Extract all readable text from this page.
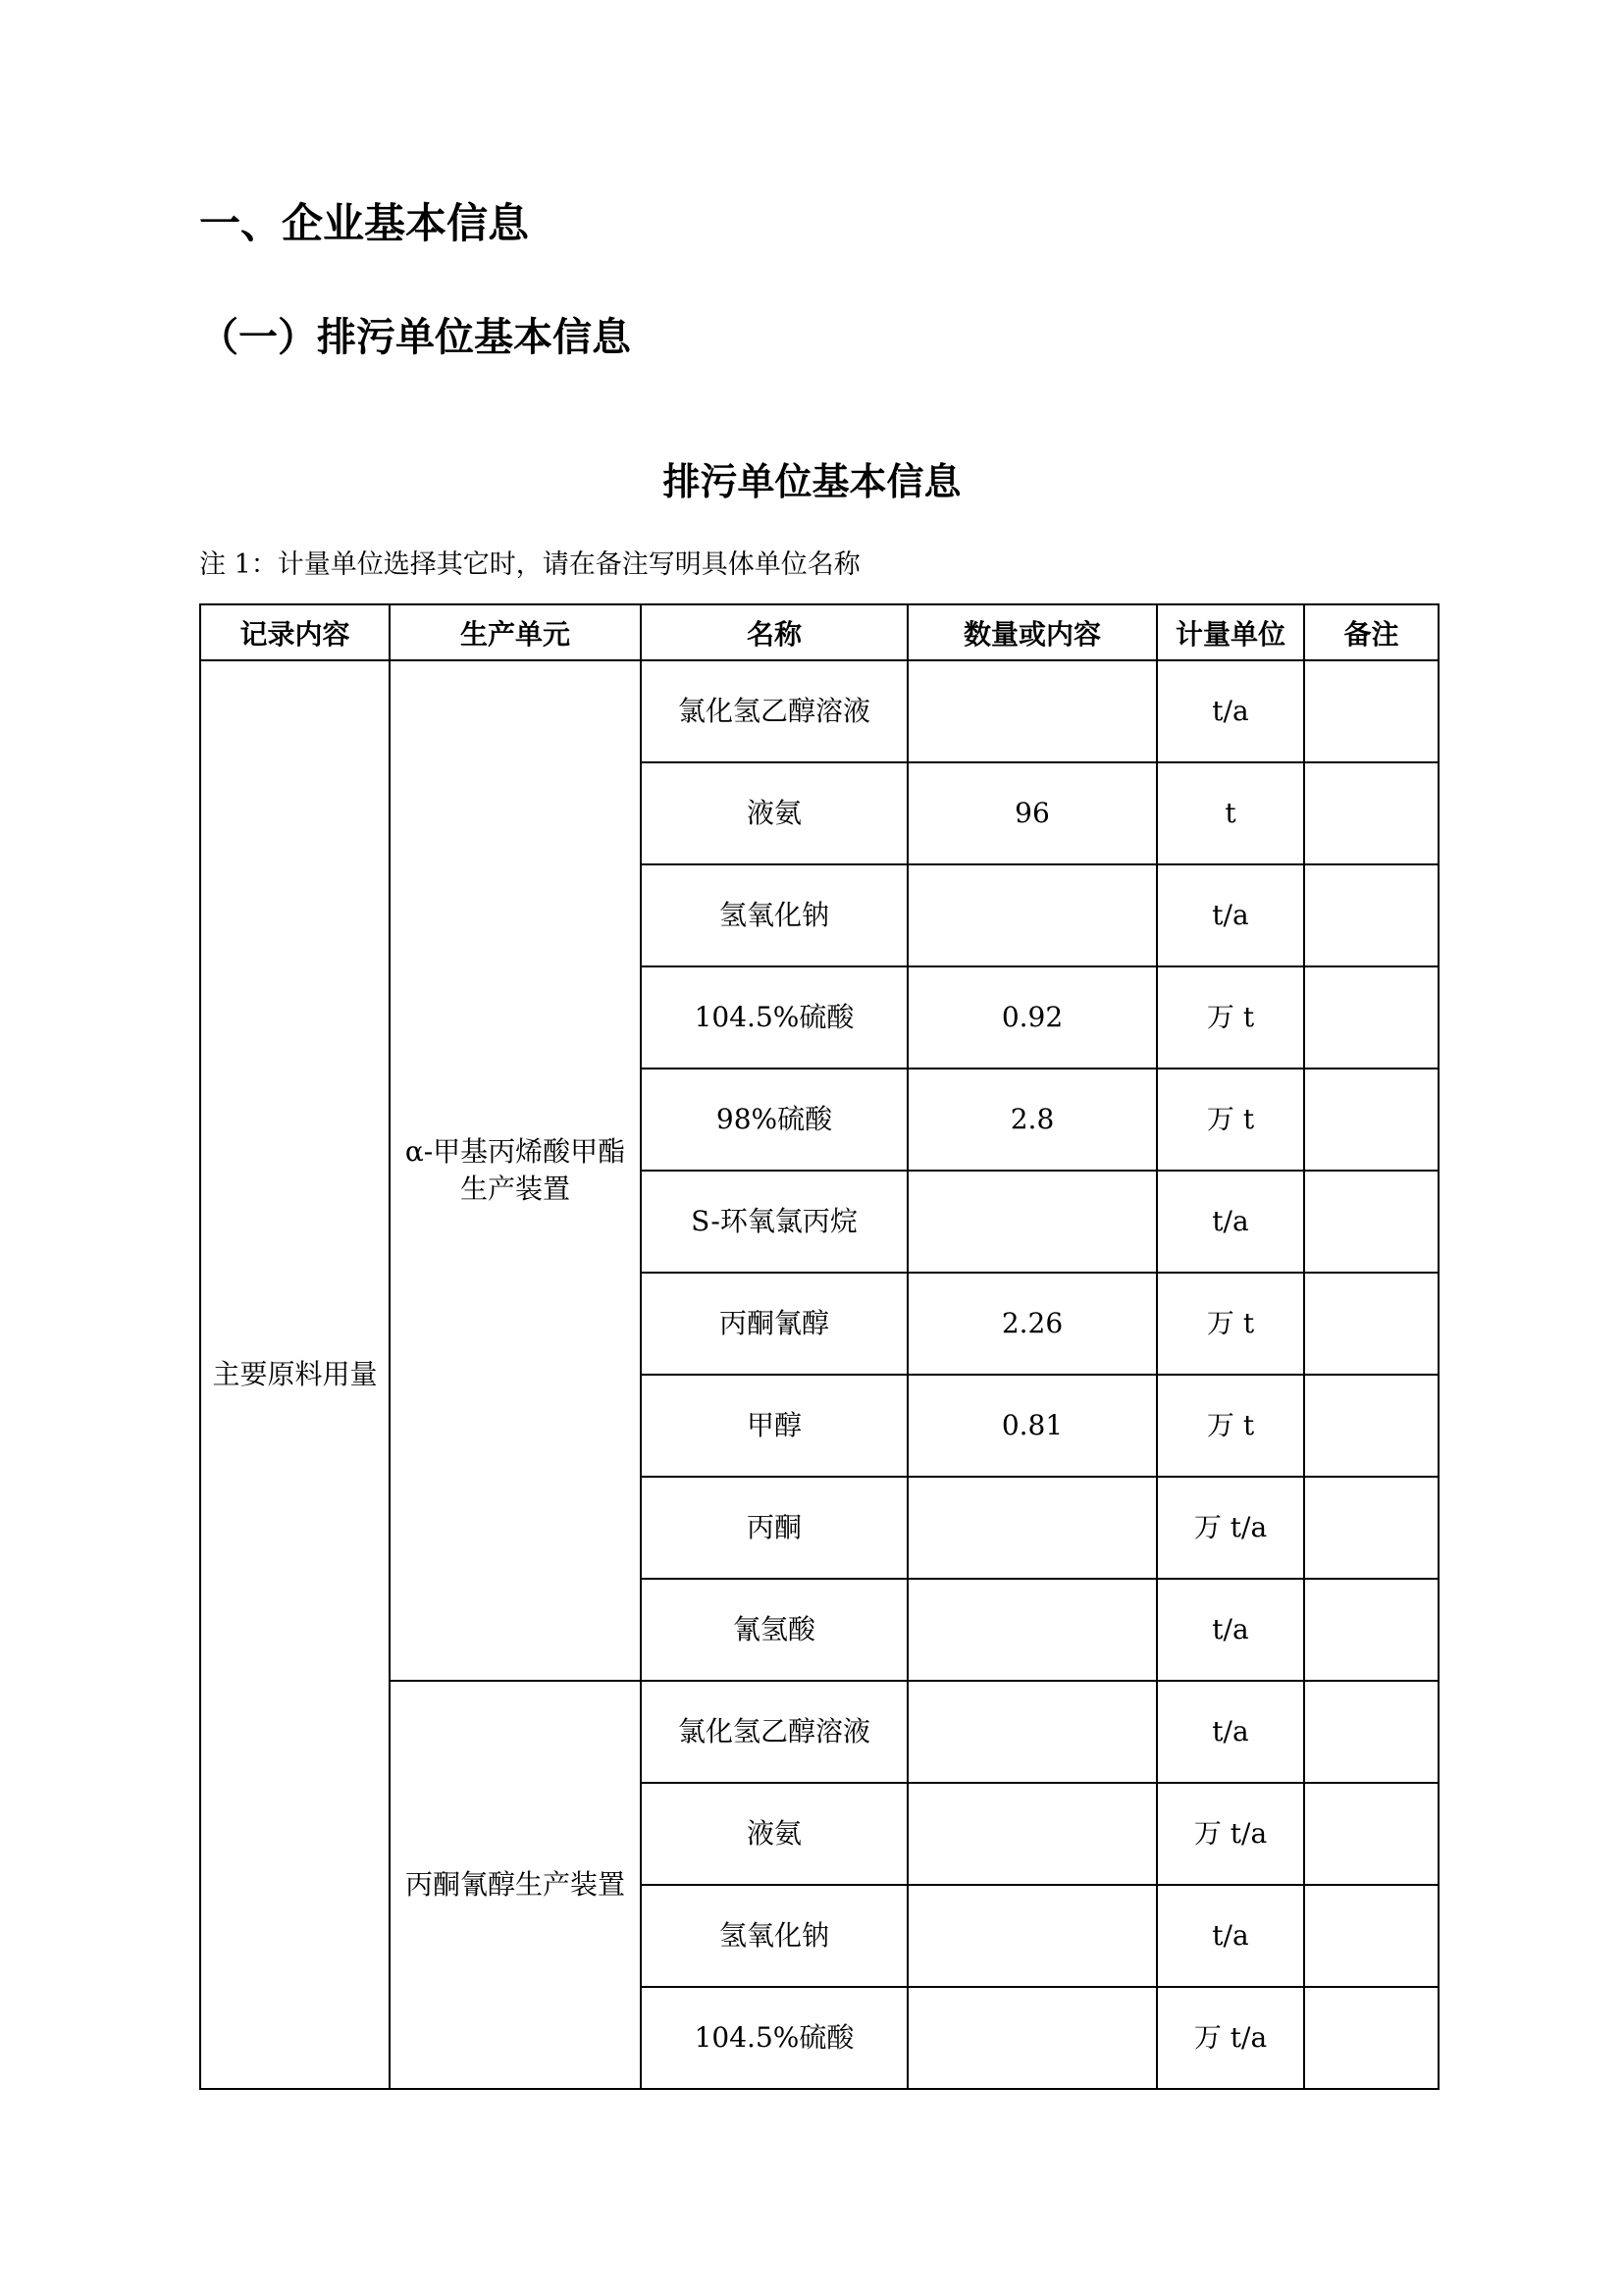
一、企业基本信息
（一）排污单位基本信息
排污单位基本信息
注 1：计量单位选择其它时，请在备注写明具体单位名称
记录内容	生产单元	名称	数量或内容	计量单位	备注
主要原料用量	α-甲基丙烯酸甲酯生产装置	氯化氢乙醇溶液		t/a	
		液氨	96	t	
		氢氧化钠		t/a	
		104.5%硫酸	0.92	万 t	
		98%硫酸	2.8	万 t	
		S-环氧氯丙烷		t/a	
		丙酮氰醇	2.26	万 t	
		甲醇	0.81	万 t	
		丙酮		万 t/a	
		氰氢酸		t/a	
	丙酮氰醇生产装置	氯化氢乙醇溶液		t/a	
		液氨		万 t/a	
		氢氧化钠		t/a	
		104.5%硫酸		万 t/a	
